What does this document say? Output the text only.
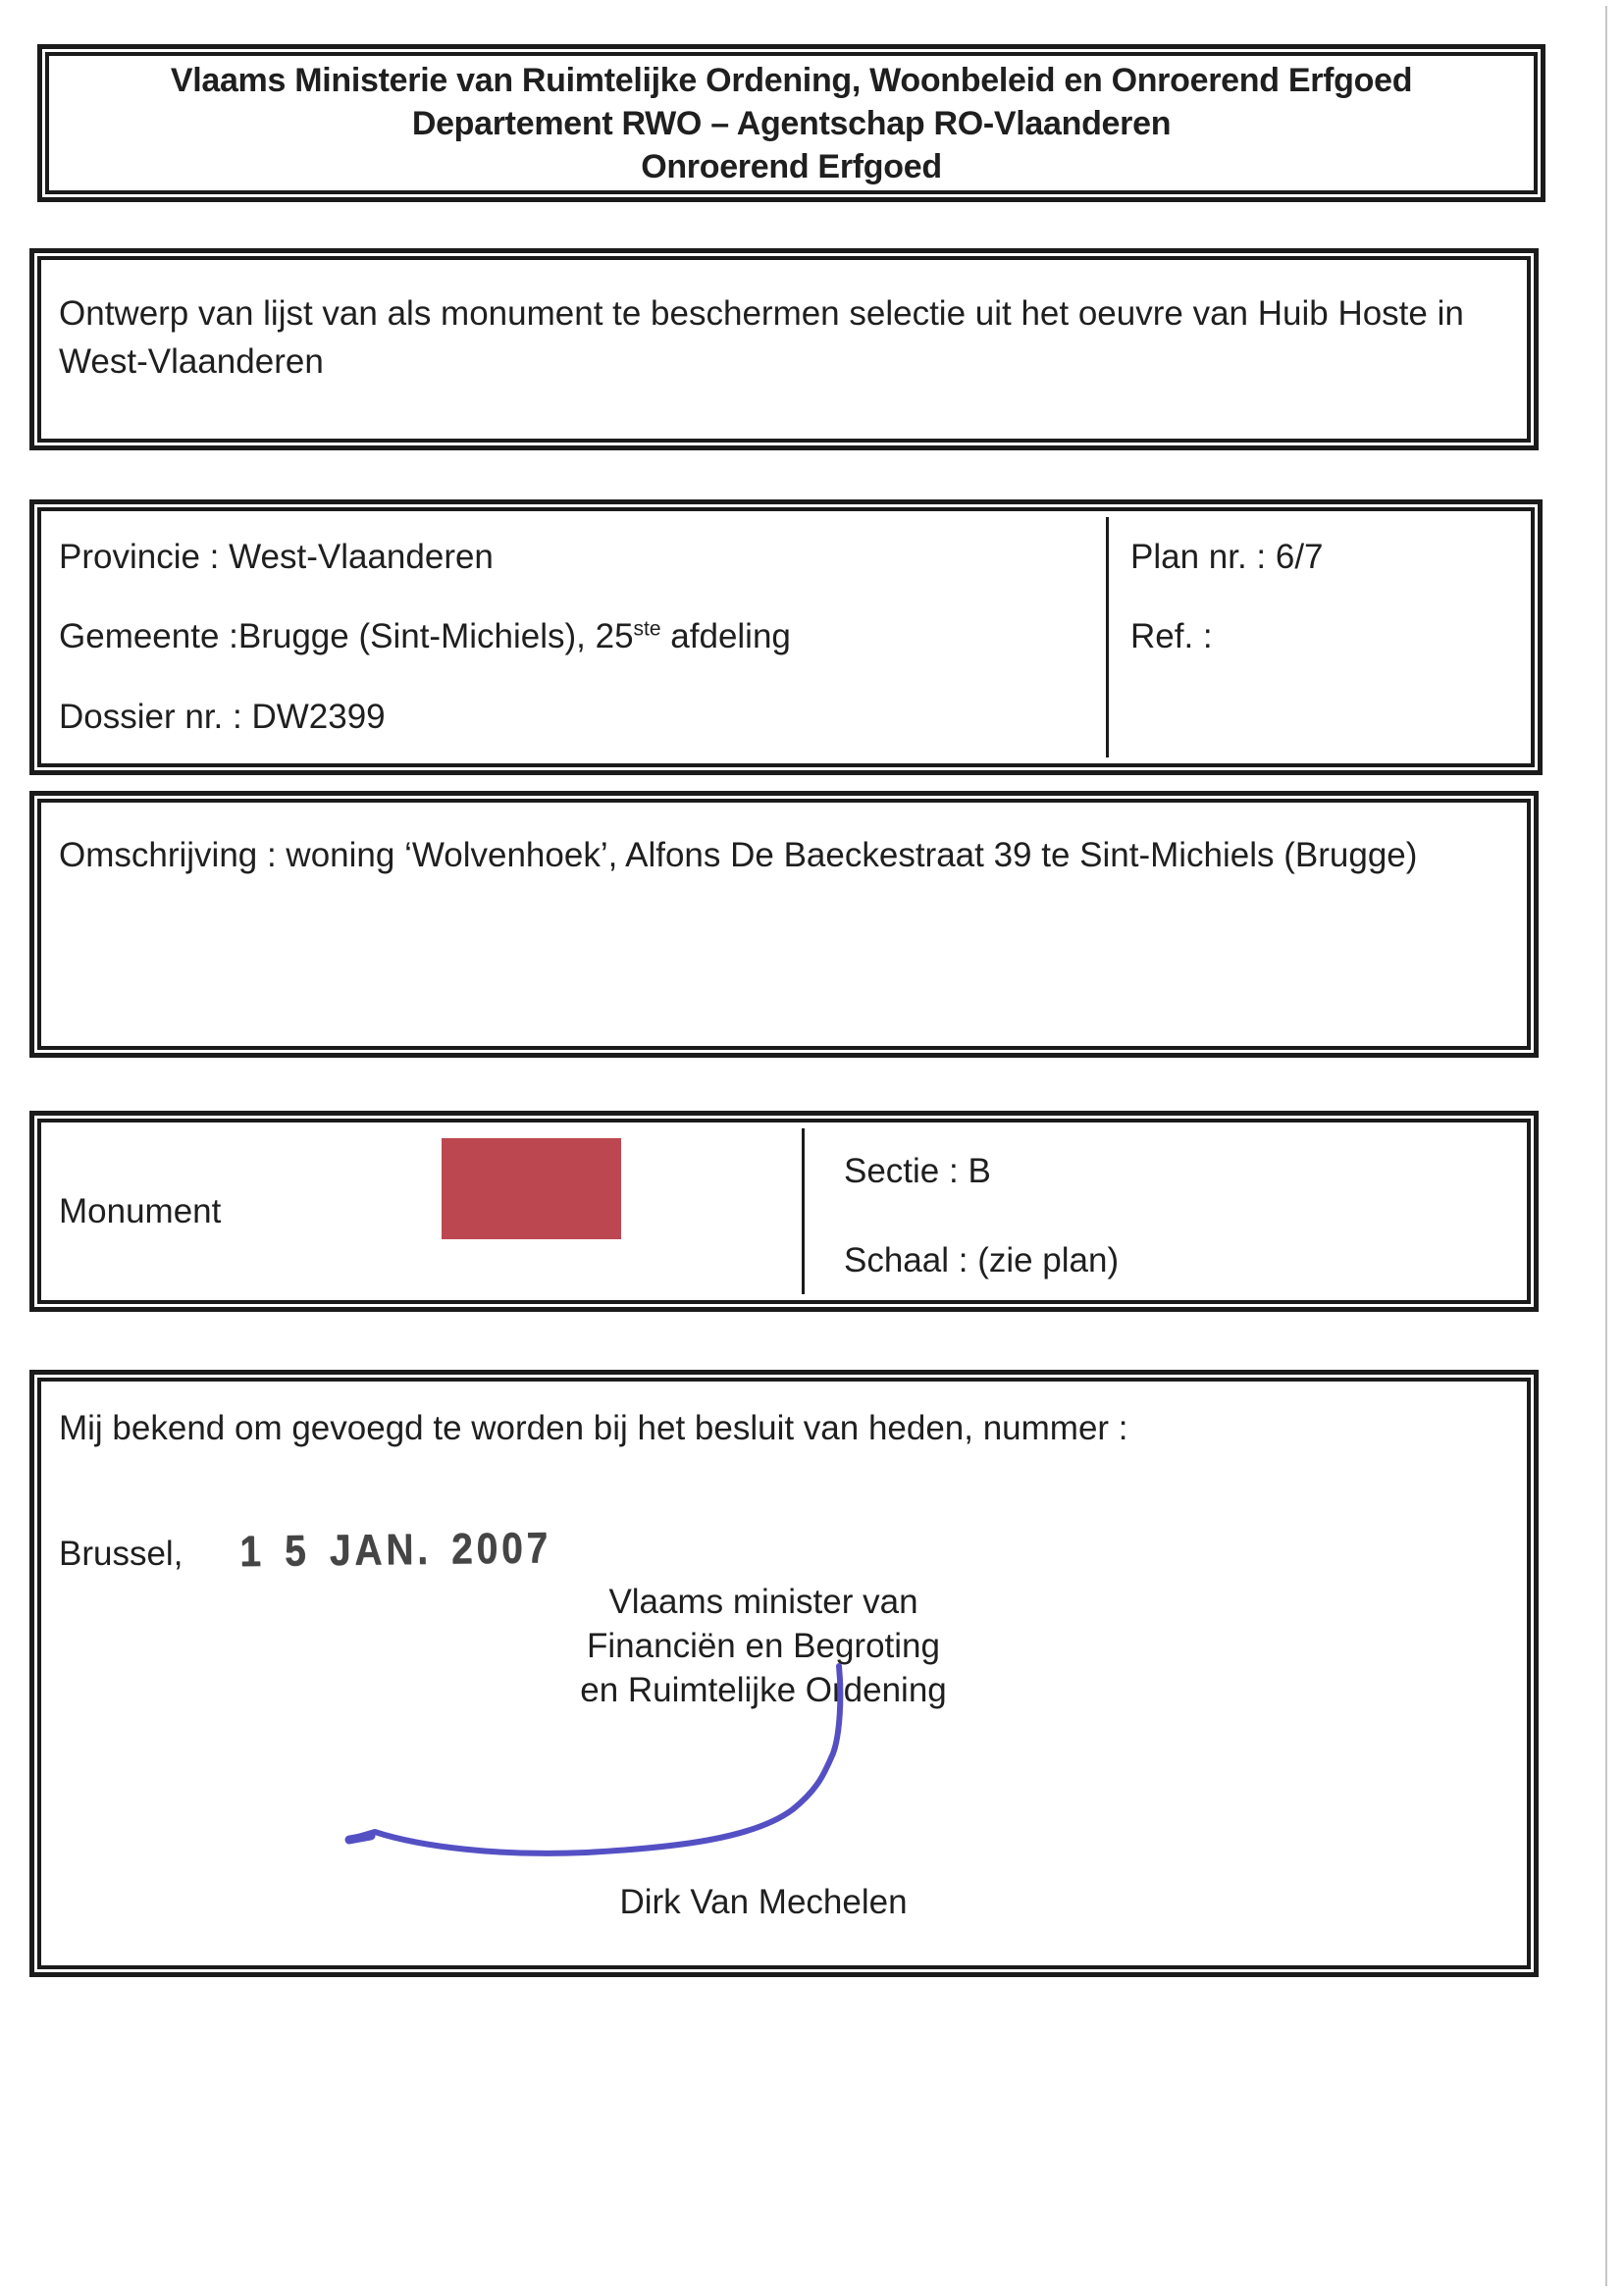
Vlaams Ministerie van Ruimtelijke Ordening, Woonbeleid en Onroerend Erfgoed
Departement RWO – Agentschap RO-Vlaanderen
Onroerend Erfgoed
Ontwerp van lijst van als monument te beschermen selectie uit het oeuvre van Huib Hoste in West-Vlaanderen
Provincie : West-Vlaanderen
Gemeente :Brugge (Sint-Michiels), 25ste afdeling
Dossier nr. : DW2399
Plan nr. : 6/7
Ref. :
Omschrijving : woning ‘Wolvenhoek’, Alfons De Baeckestraat 39 te Sint-Michiels (Brugge)
Monument
Sectie : B
Schaal : (zie plan)
Mij bekend om gevoegd te worden bij het besluit van heden, nummer :
Brussel, 1 5 JAN. 2007
Vlaams minister van
Financiën en Begroting
en Ruimtelijke Ordening
Dirk Van Mechelen
